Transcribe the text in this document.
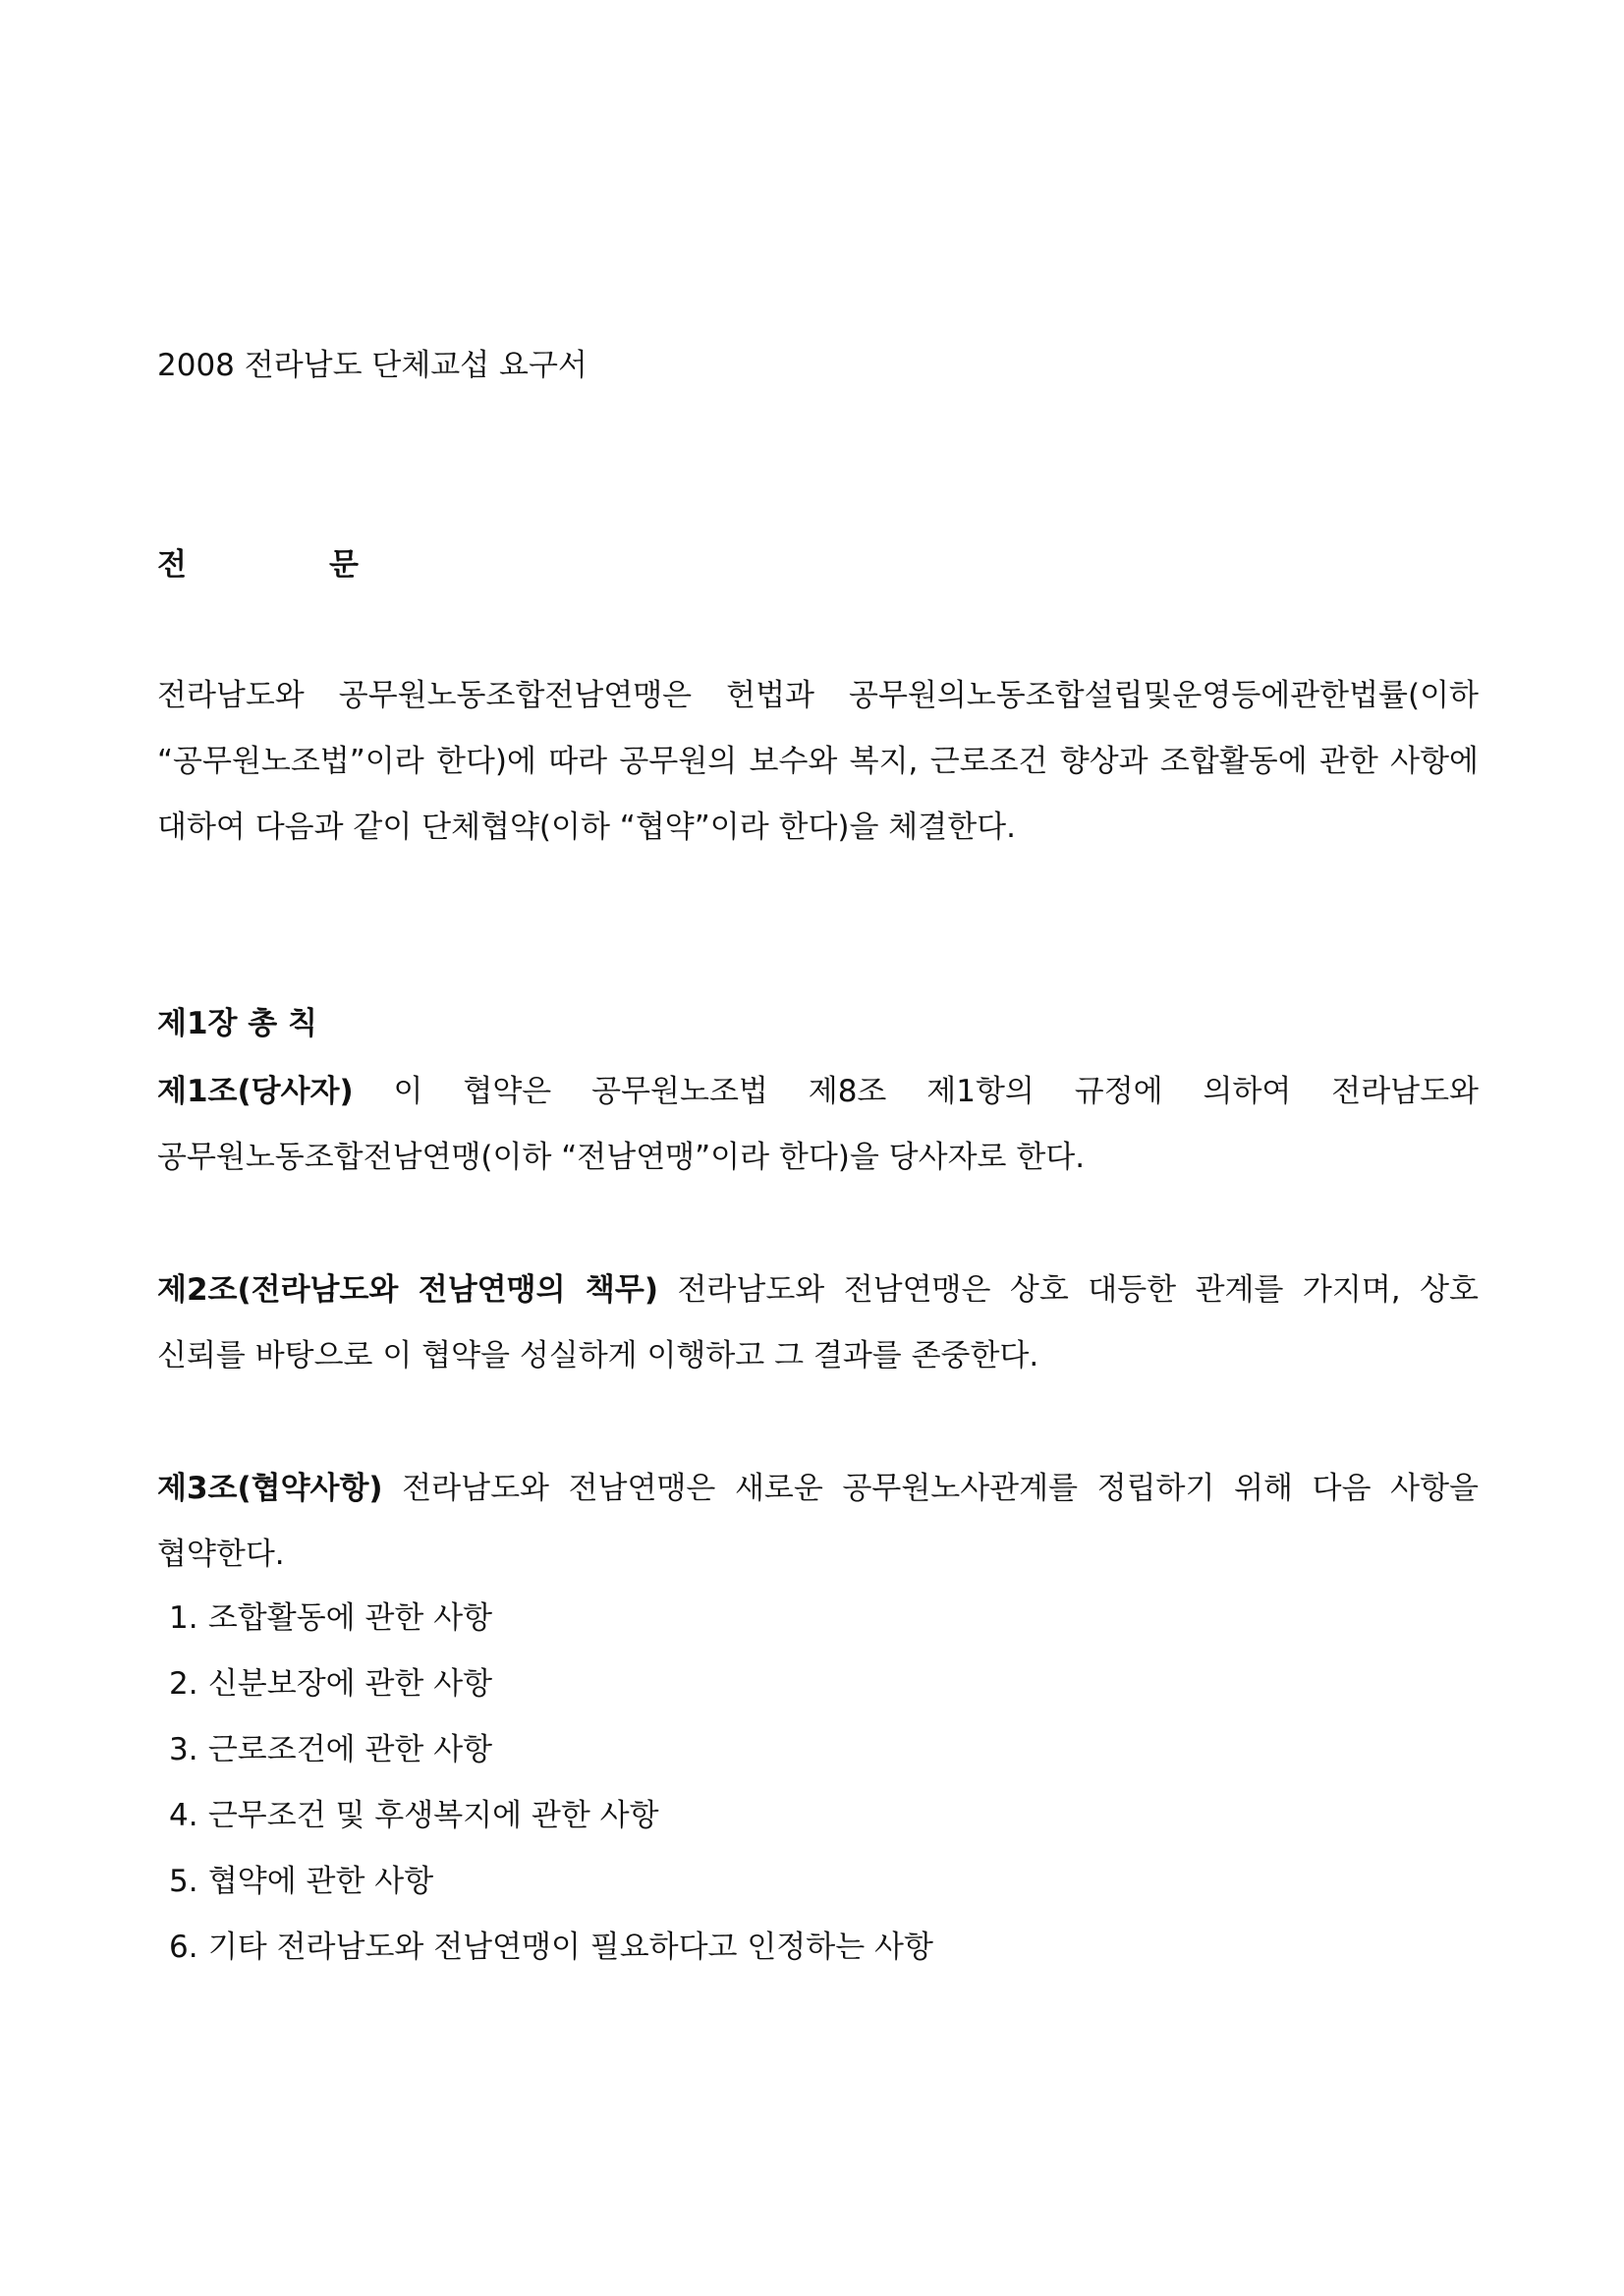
2008 전라남도 단체교섭 요구서
전	문
전라남도와 공무원노동조합전남연맹은 헌법과 공무원의노동조합설립및운영등에관한법률(이하 “공무원노조법”이라 한다)에 따라 공무원의 보수와 복지, 근로조건 향상과 조합활동에 관한 사항에 대하여 다음과 같이 단체협약(이하 “협약”이라 한다)을 체결한다.
제1장 총 칙
제1조(당사자) 이 협약은 공무원노조법 제8조 제1항의 규정에 의하여 전라남도와 공무원노동조합전남연맹(이하 “전남연맹”이라 한다)을 당사자로 한다.
제2조(전라남도와 전남연맹의 책무) 전라남도와 전남연맹은 상호 대등한 관계를 가지며, 상호 신뢰를 바탕으로 이 협약을 성실하게 이행하고 그 결과를 존중한다.
제3조(협약사항) 전라남도와 전남연맹은 새로운 공무원노사관계를 정립하기 위해 다음 사항을 협약한다.
1. 조합활동에 관한 사항
2. 신분보장에 관한 사항
3. 근로조건에 관한 사항
4. 근무조건 및 후생복지에 관한 사항
5. 협약에 관한 사항
6. 기타 전라남도와 전남연맹이 필요하다고 인정하는 사항
